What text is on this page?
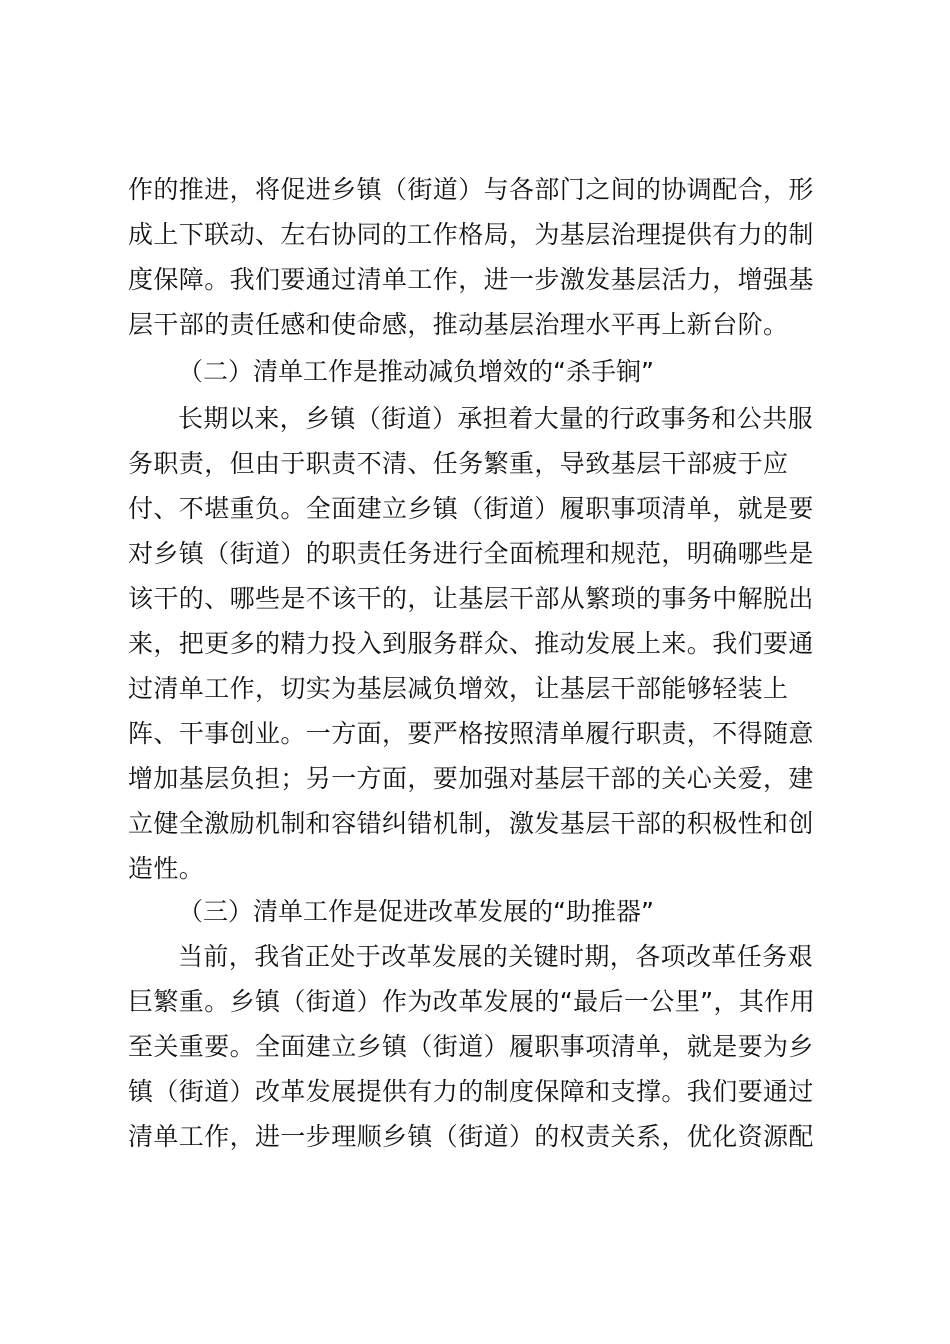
作的推进，将促进乡镇（街道）与各部门之间的协调配合，形
成上下联动、左右协同的工作格局，为基层治理提供有力的制
度保障。我们要通过清单工作，进一步激发基层活力，增强基
层干部的责任感和使命感，推动基层治理水平再上新台阶。
（二）清单工作是推动减负增效的“杀手锏”
长期以来，乡镇（街道）承担着大量的行政事务和公共服
务职责，但由于职责不清、任务繁重，导致基层干部疲于应
付、不堪重负。全面建立乡镇（街道）履职事项清单，就是要
对乡镇（街道）的职责任务进行全面梳理和规范，明确哪些是
该干的、哪些是不该干的，让基层干部从繁琐的事务中解脱出
来，把更多的精力投入到服务群众、推动发展上来。我们要通
过清单工作，切实为基层减负增效，让基层干部能够轻装上
阵、干事创业。一方面，要严格按照清单履行职责，不得随意
增加基层负担；另一方面，要加强对基层干部的关心关爱，建
立健全激励机制和容错纠错机制，激发基层干部的积极性和创
造性。
（三）清单工作是促进改革发展的“助推器”
当前，我省正处于改革发展的关键时期，各项改革任务艰
巨繁重。乡镇（街道）作为改革发展的“最后一公里”，其作用
至关重要。全面建立乡镇（街道）履职事项清单，就是要为乡
镇（街道）改革发展提供有力的制度保障和支撑。我们要通过
清单工作，进一步理顺乡镇（街道）的权责关系，优化资源配
